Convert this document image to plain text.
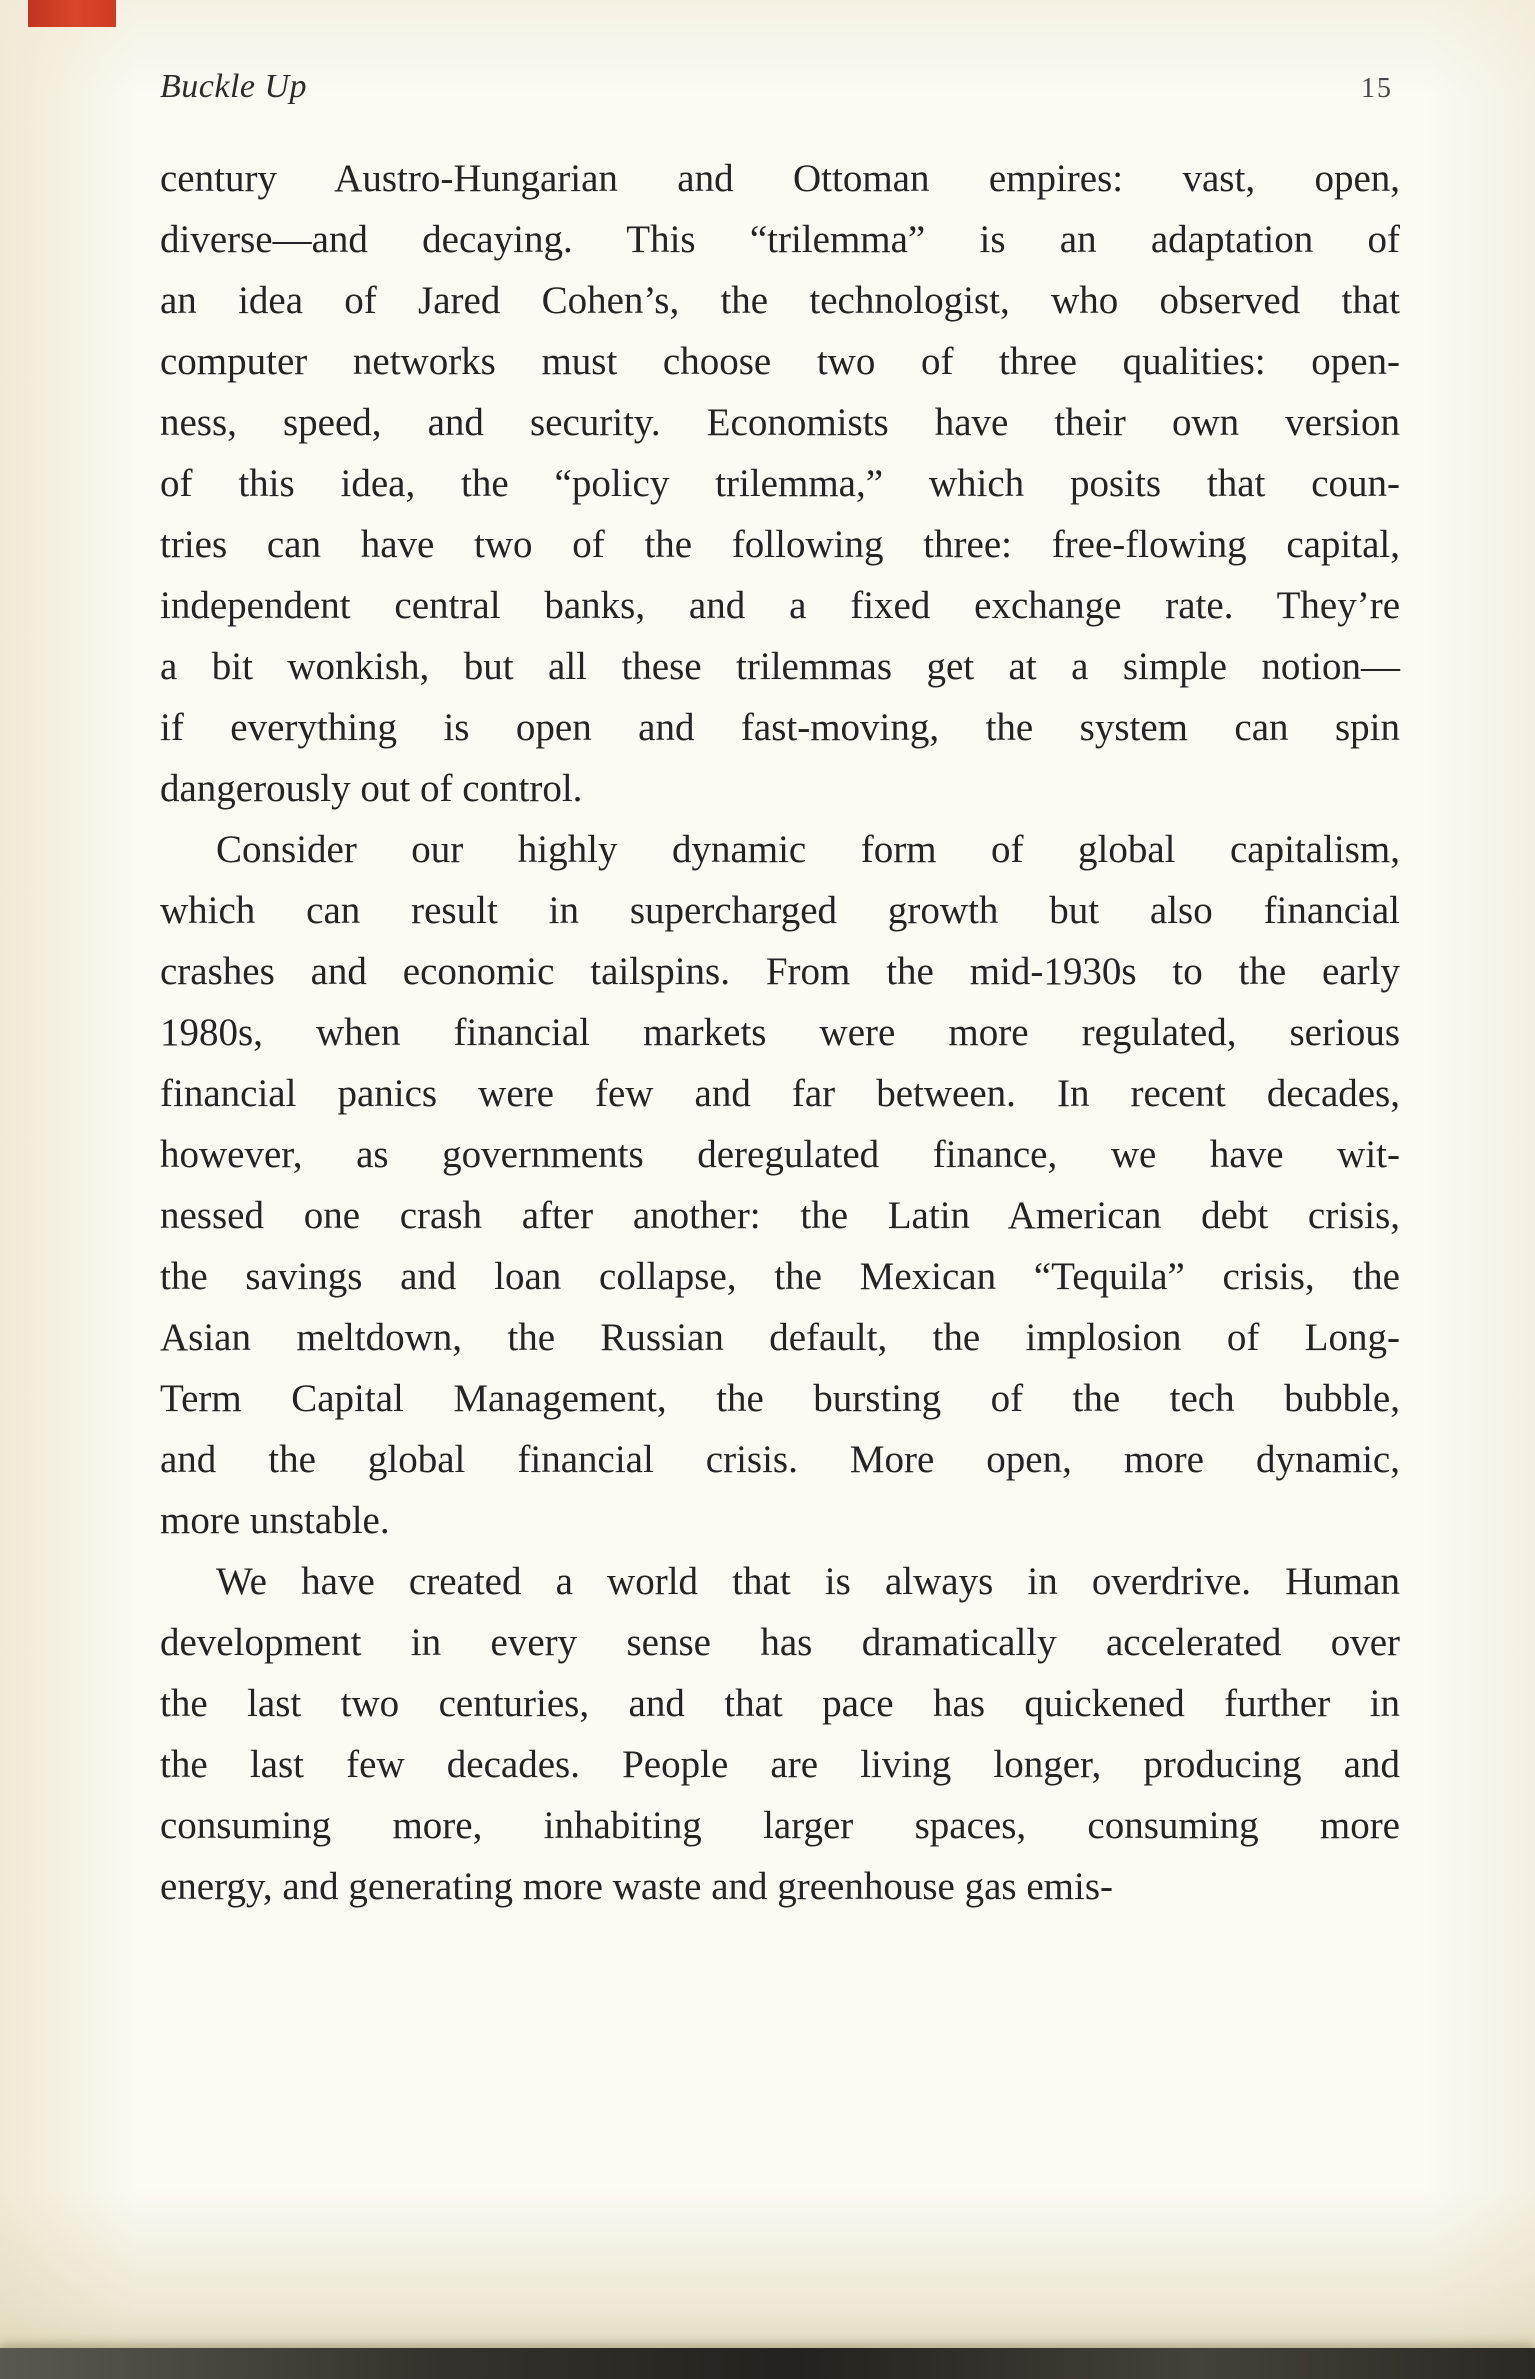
Buckle Up	15
century Austro-Hungarian and Ottoman empires: vast, open,
diverse—and decaying. This “trilemma” is an adaptation of
an idea of Jared Cohen’s, the technologist, who observed that
computer networks must choose two of three qualities: open-
ness, speed, and security. Economists have their own version
of this idea, the “policy trilemma,” which posits that coun-
tries can have two of the following three: free-flowing capital,
independent central banks, and a fixed exchange rate. They’re
a bit wonkish, but all these trilemmas get at a simple notion—
if everything is open and fast-moving, the system can spin
dangerously out of control.
Consider our highly dynamic form of global capitalism,
which can result in supercharged growth but also financial
crashes and economic tailspins. From the mid-1930s to the early
1980s, when financial markets were more regulated, serious
financial panics were few and far between. In recent decades,
however, as governments deregulated finance, we have wit-
nessed one crash after another: the Latin American debt crisis,
the savings and loan collapse, the Mexican “Tequila” crisis, the
Asian meltdown, the Russian default, the implosion of Long-
Term Capital Management, the bursting of the tech bubble,
and the global financial crisis. More open, more dynamic,
more unstable.
We have created a world that is always in overdrive. Human
development in every sense has dramatically accelerated over
the last two centuries, and that pace has quickened further in
the last few decades. People are living longer, producing and
consuming more, inhabiting larger spaces, consuming more
energy, and generating more waste and greenhouse gas emis-
